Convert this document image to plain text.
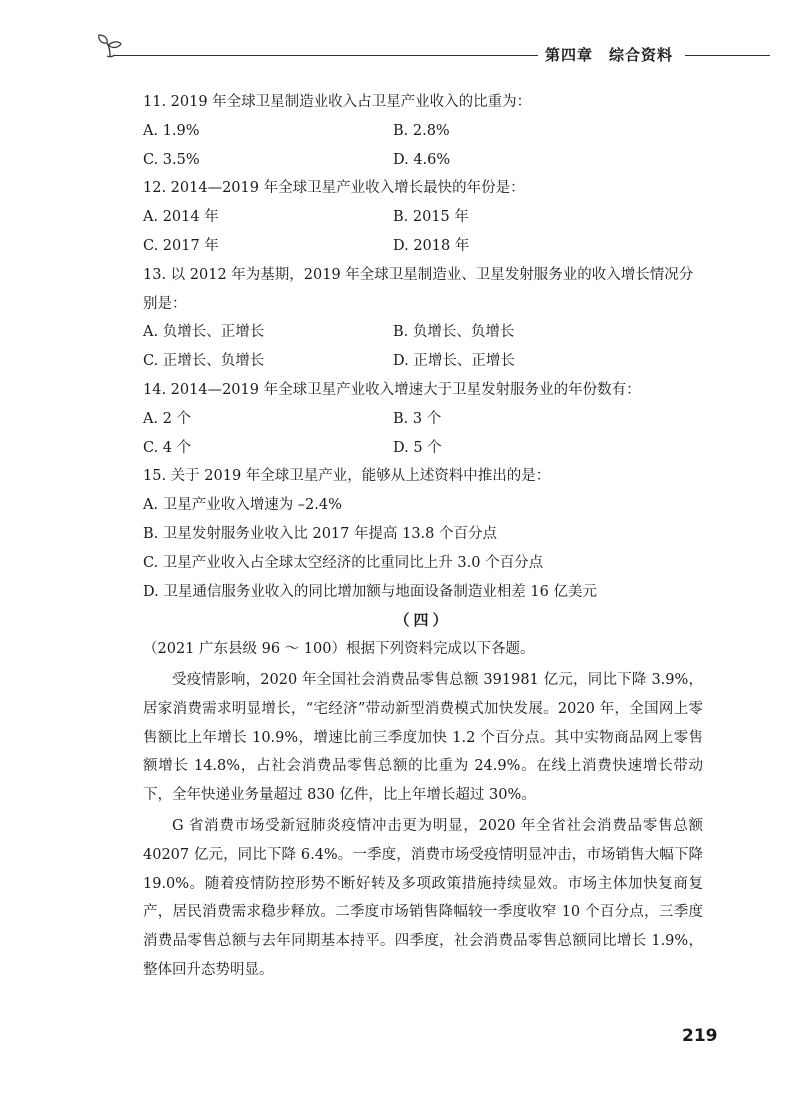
第四章　综合资料
11. 2019 年全球卫星制造业收入占卫星产业收入的比重为：
A. 1.9%	B. 2.8%
C. 3.5%	D. 4.6%
12. 2014—2019 年全球卫星产业收入增长最快的年份是：
A. 2014 年	B. 2015 年
C. 2017 年	D. 2018 年
13. 以 2012 年为基期，2019 年全球卫星制造业、卫星发射服务业的收入增长情况分别是：
A. 负增长、正增长	B. 负增长、负增长
C. 正增长、负增长	D. 正增长、正增长
14. 2014—2019 年全球卫星产业收入增速大于卫星发射服务业的年份数有：
A. 2 个	B. 3 个
C. 4 个	D. 5 个
15. 关于 2019 年全球卫星产业，能够从上述资料中推出的是：
A. 卫星产业收入增速为 –2.4%
B. 卫星发射服务业收入比 2017 年提高 13.8 个百分点
C. 卫星产业收入占全球太空经济的比重同比上升 3.0 个百分点
D. 卫星通信服务业收入的同比增加额与地面设备制造业相差 16 亿美元
（四）
（2021 广东县级 96 ～ 100）根据下列资料完成以下各题。
受疫情影响，2020 年全国社会消费品零售总额 391981 亿元，同比下降 3.9%，居家消费需求明显增长，“宅经济”带动新型消费模式加快发展。2020 年，全国网上零售额比上年增长 10.9%，增速比前三季度加快 1.2 个百分点。其中实物商品网上零售额增长 14.8%，占社会消费品零售总额的比重为 24.9%。在线上消费快速增长带动下，全年快递业务量超过 830 亿件，比上年增长超过 30%。
G 省消费市场受新冠肺炎疫情冲击更为明显，2020 年全省社会消费品零售总额 40207 亿元，同比下降 6.4%。一季度，消费市场受疫情明显冲击，市场销售大幅下降 19.0%。随着疫情防控形势不断好转及多项政策措施持续显效。市场主体加快复商复产，居民消费需求稳步释放。二季度市场销售降幅较一季度收窄 10 个百分点，三季度消费品零售总额与去年同期基本持平。四季度，社会消费品零售总额同比增长 1.9%，整体回升态势明显。
219
